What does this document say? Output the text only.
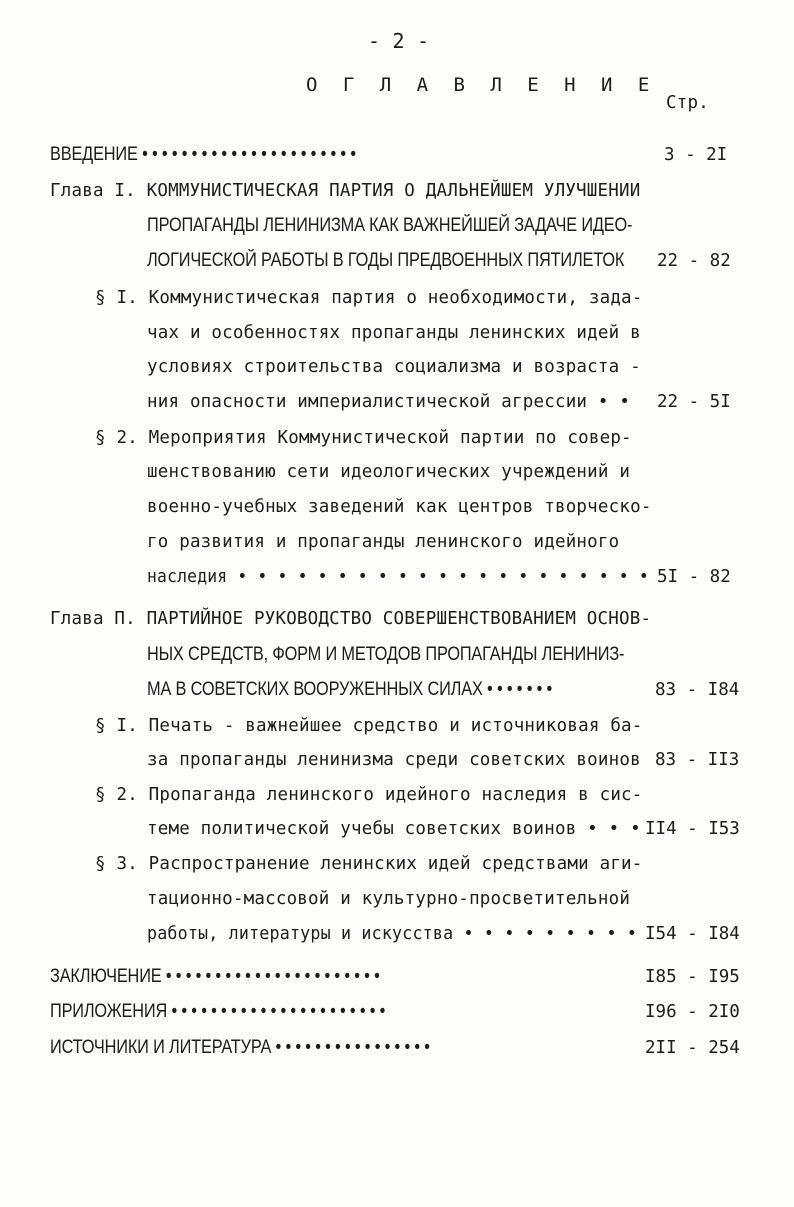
- 2 -
О Г Л А В Л Е Н И Е
Стр.
ВВЕДЕНИЕ • • • • • • • • • • • • • • • • • • • • • •	3 - 2I
Глава I. КОММУНИСТИЧЕСКАЯ ПАРТИЯ О ДАЛЬНЕЙШЕМ УЛУЧШЕНИИ
ПРОПАГАНДЫ ЛЕНИНИЗМА КАК ВАЖНЕЙШЕЙ ЗАДАЧЕ ИДЕО-
ЛОГИЧЕСКОЙ РАБОТЫ В ГОДЫ ПРЕДВОЕННЫХ ПЯТИЛЕТОК 22 - 82
§ I. Коммунистическая партия о необходимости, зада-
чах и особенностях пропаганды ленинских идей в
условиях строительства социализма и возраста -
ния опасности империалистической агрессии • • 22 - 5I
§ 2. Мероприятия Коммунистической партии по совер-
шенствованию сети идеологических учреждений и
военно-учебных заведений как центров творческо-
го развития и пропаганды ленинского идейного
наследия • • • • • • • • • • • • • • • • • • • • • 5I - 82
Глава П. ПАРТИЙНОЕ РУКОВОДСТВО СОВЕРШЕНСТВОВАНИЕМ ОСНОВ-
НЫХ СРЕДСТВ, ФОРМ И МЕТОДОВ ПРОПАГАНДЫ ЛЕНИНИЗ-
МА В СОВЕТСКИХ ВООРУЖЕННЫХ СИЛАХ • • • • • • •	83 - I84
§ I. Печать - важнейшее средство и источниковая ба-
за пропаганды ленинизма среди советских воинов 83 - II3
§ 2. Пропаганда ленинского идейного наследия в сис-
теме политической учебы советских воинов • • • II4 - I53
§ 3. Распространение ленинских идей средствами аги-
тационно-массовой и культурно-просветительной
работы, литературы и искусства • • • • • • • • • I54 - I84
ЗАКЛЮЧЕНИЕ • • • • • • • • • • • • • • • • • • • • • •	I85 - I95
ПРИЛОЖЕНИЯ • • • • • • • • • • • • • • • • • • • • • •	I96 - 2I0
ИСТОЧНИКИ И ЛИТЕРАТУРА • • • • • • • • • • • • • • • •	2II - 254
